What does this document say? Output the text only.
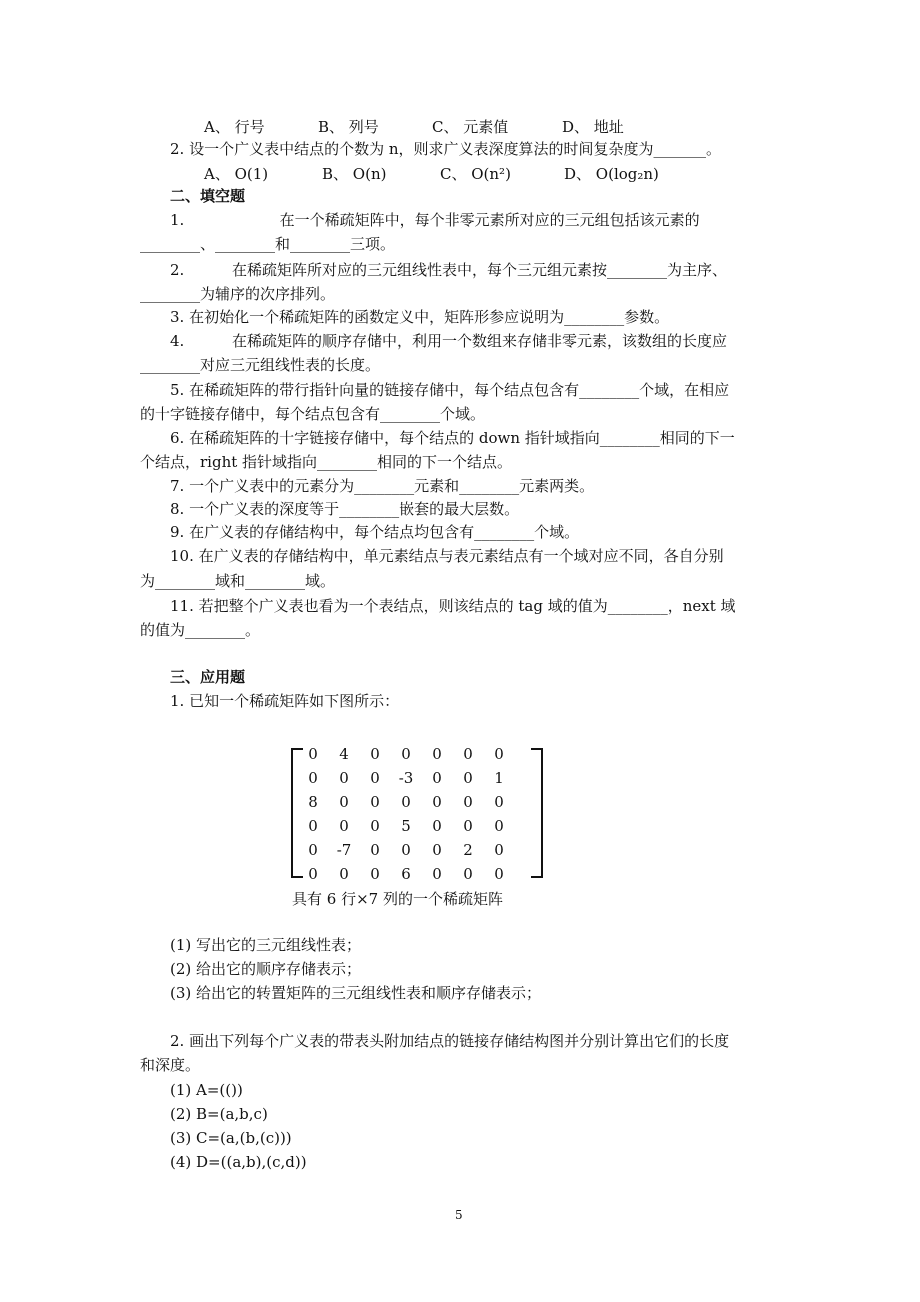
A、 行号	B、 列号	C、 元素值	D、 地址
2. 设一个广义表中结点的个数为 n，则求广义表深度算法的时间复杂度为_______。
A、 O(1)	B、 O(n)	C、 O(n²)	D、 O(log₂n)
二、填空题
1.                    在一个稀疏矩阵中，每个非零元素所对应的三元组包括该元素的
________、________和________三项。
2.          在稀疏矩阵所对应的三元组线性表中，每个三元组元素按________为主序、
________为辅序的次序排列。
3. 在初始化一个稀疏矩阵的函数定义中，矩阵形参应说明为________参数。
4.          在稀疏矩阵的顺序存储中，利用一个数组来存储非零元素，该数组的长度应
________对应三元组线性表的长度。
5. 在稀疏矩阵的带行指针向量的链接存储中，每个结点包含有________个域，在相应
的十字链接存储中，每个结点包含有________个域。
6. 在稀疏矩阵的十字链接存储中，每个结点的 down 指针域指向________相同的下一
个结点，right 指针域指向________相同的下一个结点。
7. 一个广义表中的元素分为________元素和________元素两类。
8. 一个广义表的深度等于________嵌套的最大层数。
9. 在广义表的存储结构中，每个结点均包含有________个域。
10. 在广义表的存储结构中，单元素结点与表元素结点有一个域对应不同，各自分别
为________域和________域。
11. 若把整个广义表也看为一个表结点，则该结点的 tag 域的值为________，next 域
的值为________。
三、应用题
1. 已知一个稀疏矩阵如下图所示：
0	4	0	0	0	0	0
0	0	0	-3	0	0	1
8	0	0	0	0	0	0
0	0	0	5	0	0	0
0	-7	0	0	0	2	0
0	0	0	6	0	0	0
具有 6 行×7 列的一个稀疏矩阵
(1) 写出它的三元组线性表；
(2) 给出它的顺序存储表示；
(3) 给出它的转置矩阵的三元组线性表和顺序存储表示；
2. 画出下列每个广义表的带表头附加结点的链接存储结构图并分别计算出它们的长度
和深度。
(1) A=(())
(2) B=(a,b,c)
(3) C=(a,(b,(c)))
(4) D=((a,b),(c,d))
5
